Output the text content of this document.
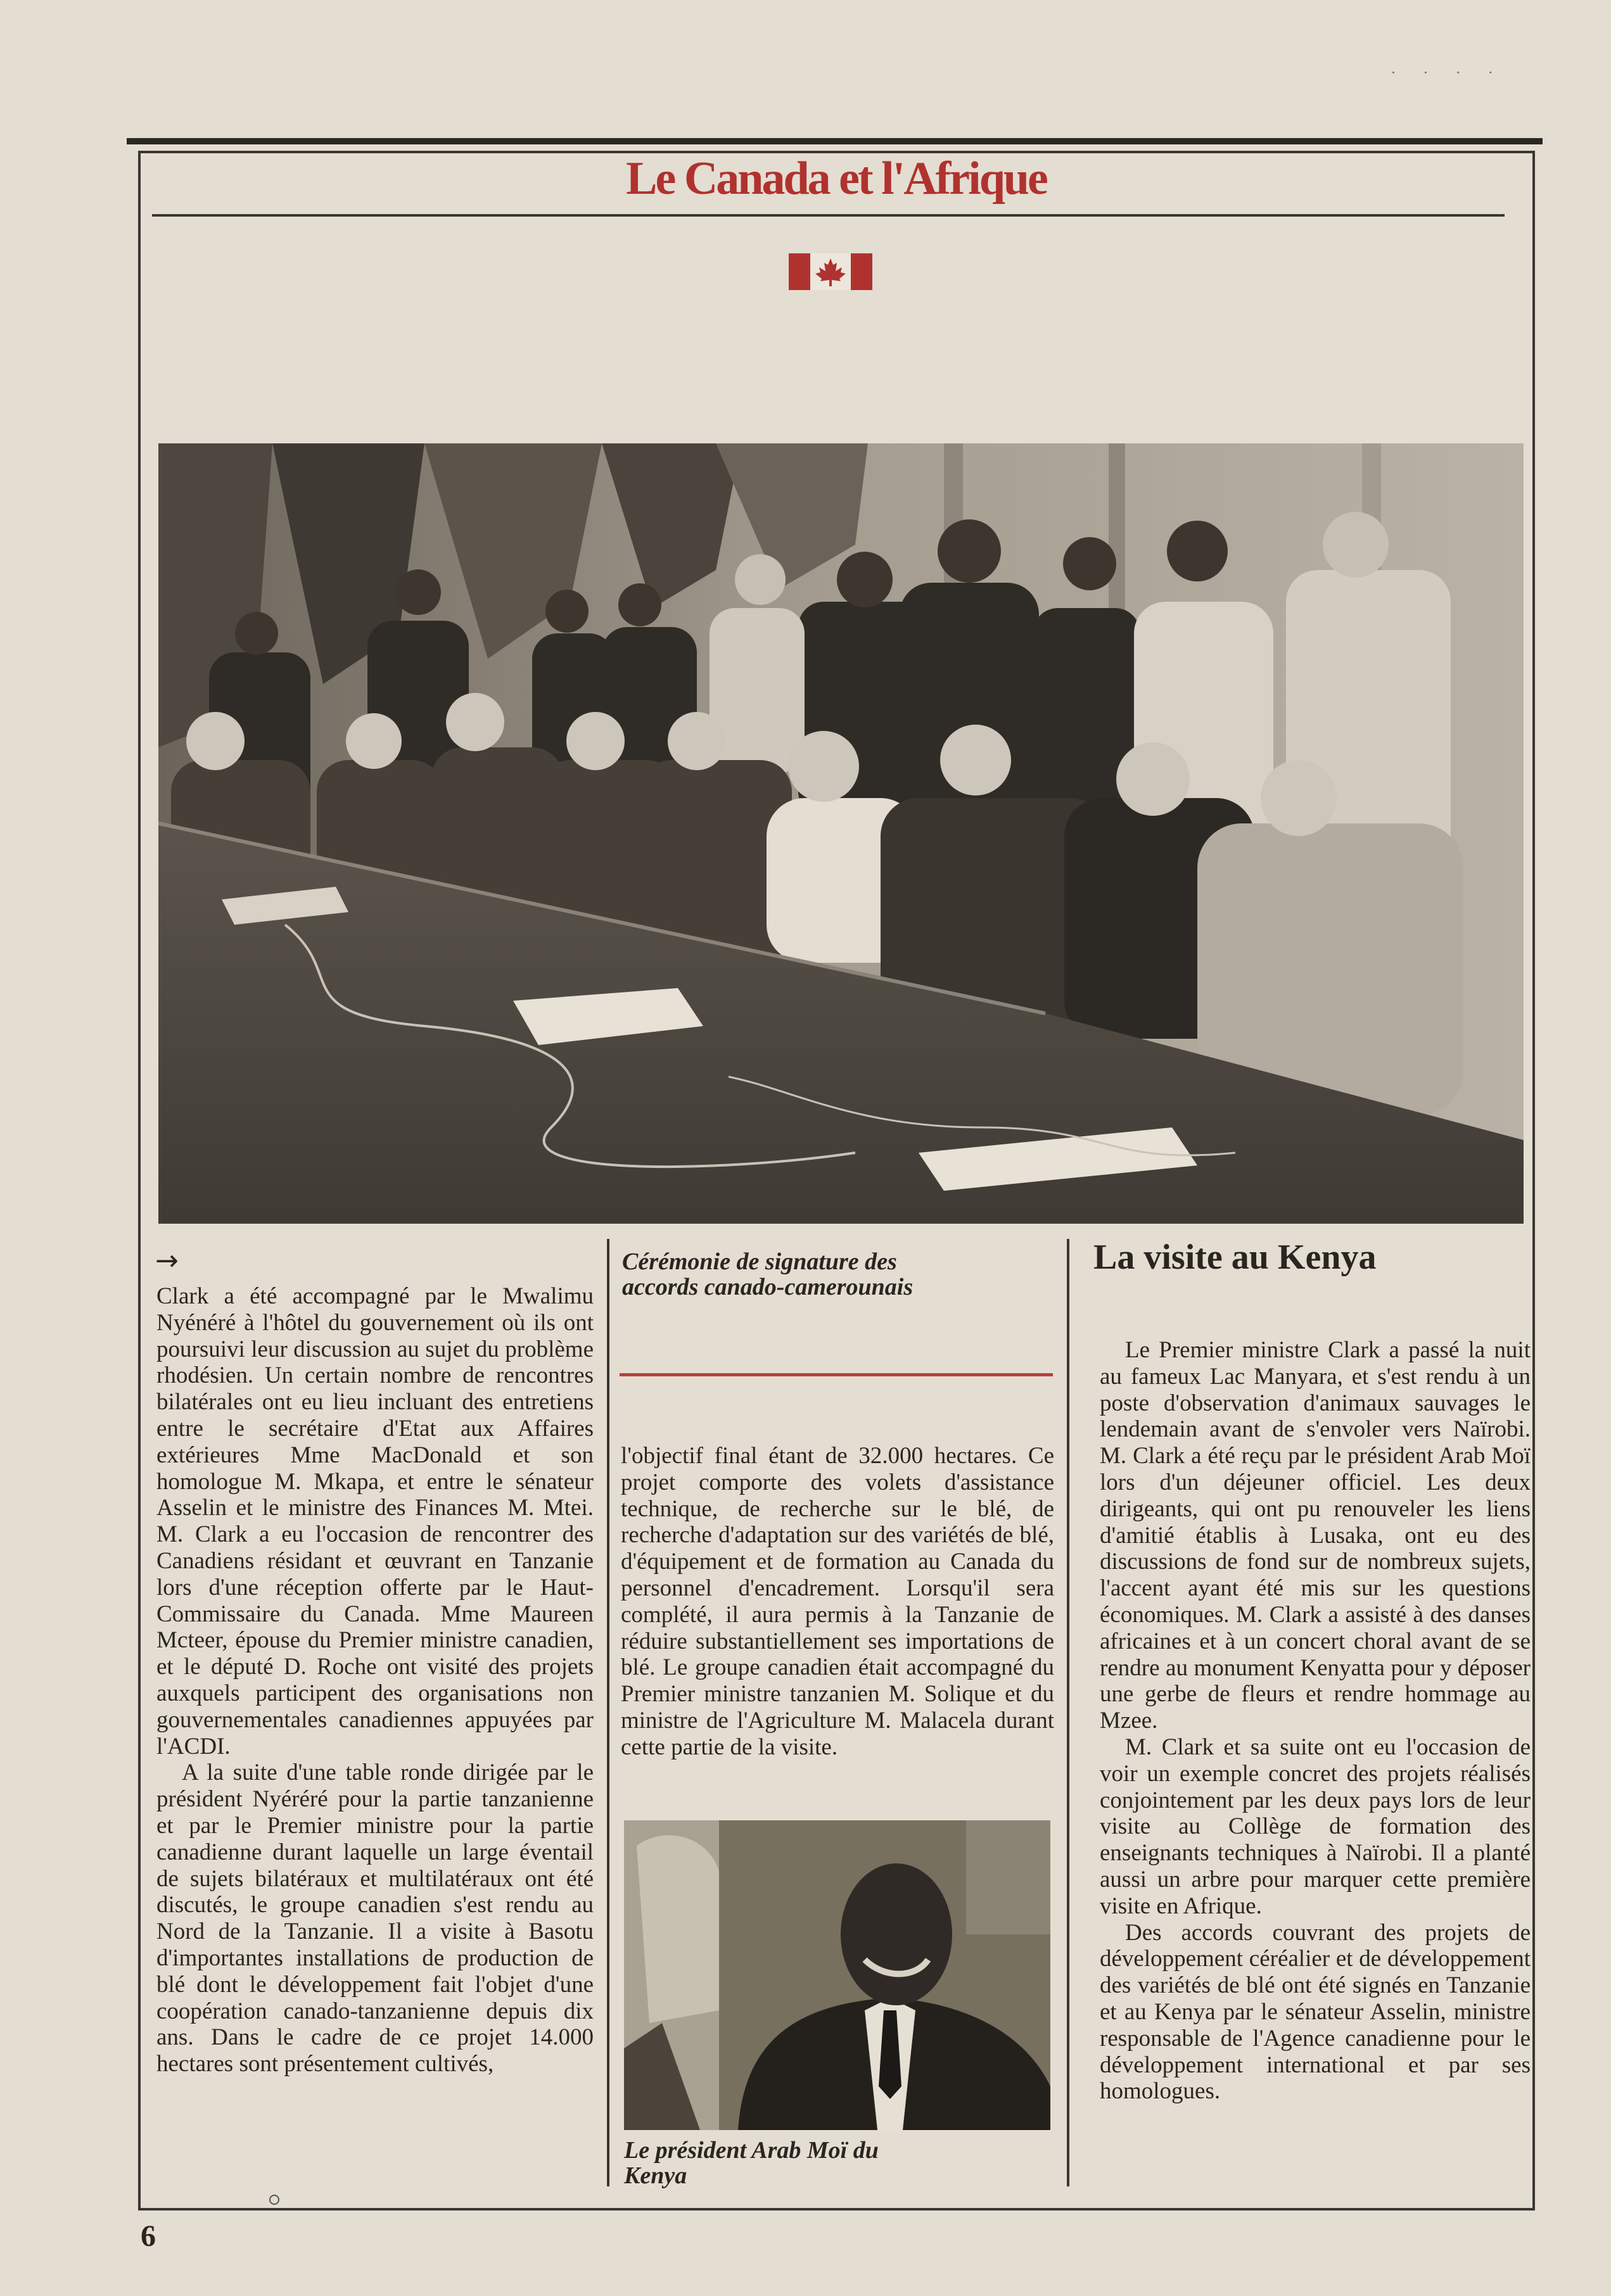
· · · ·
Le Canada et l'Afrique
→

Clark a été accompagné par le Mwalimu Nyénéré à l'hôtel du gouvernement où ils ont poursuivi leur discussion au sujet du problème rhodésien. Un certain nombre de rencontres bilatérales ont eu lieu incluant des entretiens entre le secrétaire d'Etat aux Affaires extérieures Mme MacDonald et son homologue M. Mkapa, et entre le sénateur Asselin et le ministre des Finances M. Mtei. M. Clark a eu l'occasion de rencontrer des Canadiens résidant et œuvrant en Tanzanie lors d'une réception offerte par le Haut-Commissaire du Canada. Mme Maureen Mcteer, épouse du Premier ministre canadien, et le député D. Roche ont visité des projets auxquels participent des organisations non gouvernementales canadiennes appuyées par l'ACDI.

A la suite d'une table ronde dirigée par le président Nyéréré pour la partie tanzanienne et par le Premier ministre pour la partie canadienne durant laquelle un large éventail de sujets bilatéraux et multilatéraux ont été discutés, le groupe canadien s'est rendu au Nord de la Tanzanie. Il a visite à Basotu d'importantes installations de production de blé dont le développement fait l'objet d'une coopération canado-tanzanienne depuis dix ans. Dans le cadre de ce projet 14.000 hectares sont présentement cultivés,

Cérémonie de signature des accords canado-camerounais

l'objectif final étant de 32.000 hectares. Ce projet comporte des volets d'assistance technique, de recherche sur le blé, de recherche d'adaptation sur des variétés de blé, d'équipement et de formation au Canada du personnel d'encadrement. Lorsqu'il sera complété, il aura permis à la Tanzanie de réduire substantiellement ses importations de blé. Le groupe canadien était accompagné du Premier ministre tanzanien M. Solique et du ministre de l'Agriculture M. Malacela durant cette partie de la visite.

Le président Arab Moï du Kenya
La visite au Kenya

Le Premier ministre Clark a passé la nuit au fameux Lac Manyara, et s'est rendu à un poste d'observation d'animaux sauvages le lendemain avant de s'envoler vers Naïrobi. M. Clark a été reçu par le président Arab Moï lors d'un déjeuner officiel. Les deux dirigeants, qui ont pu renouveler les liens d'amitié établis à Lusaka, ont eu des discussions de fond sur de nombreux sujets, l'accent ayant été mis sur les questions économiques. M. Clark a assisté à des danses africaines et à un concert choral avant de se rendre au monument Kenyatta pour y déposer une gerbe de fleurs et rendre hommage au Mzee.

M. Clark et sa suite ont eu l'occasion de voir un exemple concret des projets réalisés conjointement par les deux pays lors de leur visite au Collège de formation des enseignants techniques à Naïrobi. Il a planté aussi un arbre pour marquer cette première visite en Afrique.

Des accords couvrant des projets de développement céréalier et de développement des variétés de blé ont été signés en Tanzanie et au Kenya par le sénateur Asselin, ministre responsable de l'Agence canadienne pour le développement international et par ses homologues.

6
